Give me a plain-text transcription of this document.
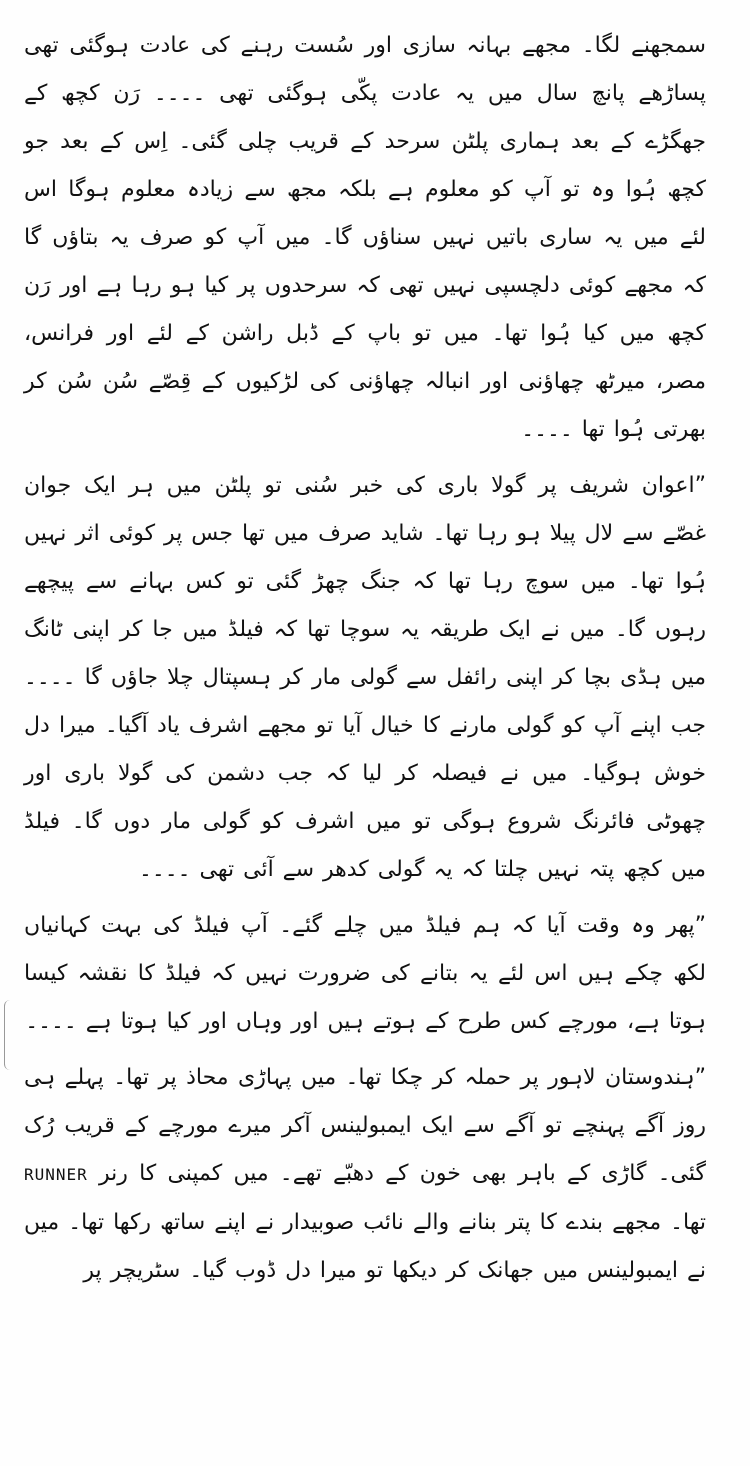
سمجھنے لگا۔ مجھے بہانہ سازی اور سُست رہنے کی عادت ہوگئی تھی پساڑھے پانچ سال میں یہ عادت پکّی ہوگئی تھی ۔۔۔۔ رَن کچھ کے جھگڑے کے بعد ہماری پلٹن سرحد کے قریب چلی گئی۔ اِس کے بعد جو کچھ ہُوا وہ تو آپ کو معلوم ہے بلکہ مجھ سے زیادہ معلوم ہوگا اس لئے میں یہ ساری باتیں نہیں سناؤں گا۔ میں آپ کو صرف یہ بتاؤں گا کہ مجھے کوئی دلچسپی نہیں تھی کہ سرحدوں پر کیا ہو رہا ہے اور رَن کچھ میں کیا ہُوا تھا۔ میں تو باپ کے ڈبل راشن کے لئے اور فرانس، مصر، میرٹھ چھاؤنی اور انبالہ چھاؤنی کی لڑکیوں کے قِصّے سُن سُن کر بھرتی ہُوا تھا ۔۔۔۔

”اعوان شریف پر گولا باری کی خبر سُنی تو پلٹن میں ہر ایک جوان غصّے سے لال پیلا ہو رہا تھا۔ شاید صرف میں تھا جس پر کوئی اثر نہیں ہُوا تھا۔ میں سوچ رہا تھا کہ جنگ چھڑ گئی تو کس بہانے سے پیچھے رہوں گا۔ میں نے ایک طریقہ یہ سوچا تھا کہ فیلڈ میں جا کر اپنی ٹانگ میں ہڈی بچا کر اپنی رائفل سے گولی مار کر ہسپتال چلا جاؤں گا ۔۔۔۔ جب اپنے آپ کو گولی مارنے کا خیال آیا تو مجھے اشرف یاد آگیا۔ میرا دل خوش ہوگیا۔ میں نے فیصلہ کر لیا کہ جب دشمن کی گولا باری اور چھوٹی فائرنگ شروع ہوگی تو میں اشرف کو گولی مار دوں گا۔ فیلڈ میں کچھ پتہ نہیں چلتا کہ یہ گولی کدھر سے آئی تھی ۔۔۔۔

”پھر وہ وقت آیا کہ ہم فیلڈ میں چلے گئے۔ آپ فیلڈ کی بہت کہانیاں لکھ چکے ہیں اس لئے یہ بتانے کی ضرورت نہیں کہ فیلڈ کا نقشہ کیسا ہوتا ہے، مورچے کس طرح کے ہوتے ہیں اور وہاں اور کیا ہوتا ہے ۔۔۔۔

”ہندوستان لاہور پر حملہ کر چکا تھا۔ میں پہاڑی محاذ پر تھا۔ پہلے ہی روز آگے پہنچے تو آگے سے ایک ایمبولینس آکر میرے مورچے کے قریب رُک گئی۔ گاڑی کے باہر بھی خون کے دھبّے تھے۔ میں کمپنی کا رنر RUNNER تھا۔ مجھے بندے کا پتر بنانے والے نائب صوبیدار نے اپنے ساتھ رکھا تھا۔ میں نے ایمبولینس میں جھانک کر دیکھا تو میرا دل ڈوب گیا۔ سٹریچر پر
